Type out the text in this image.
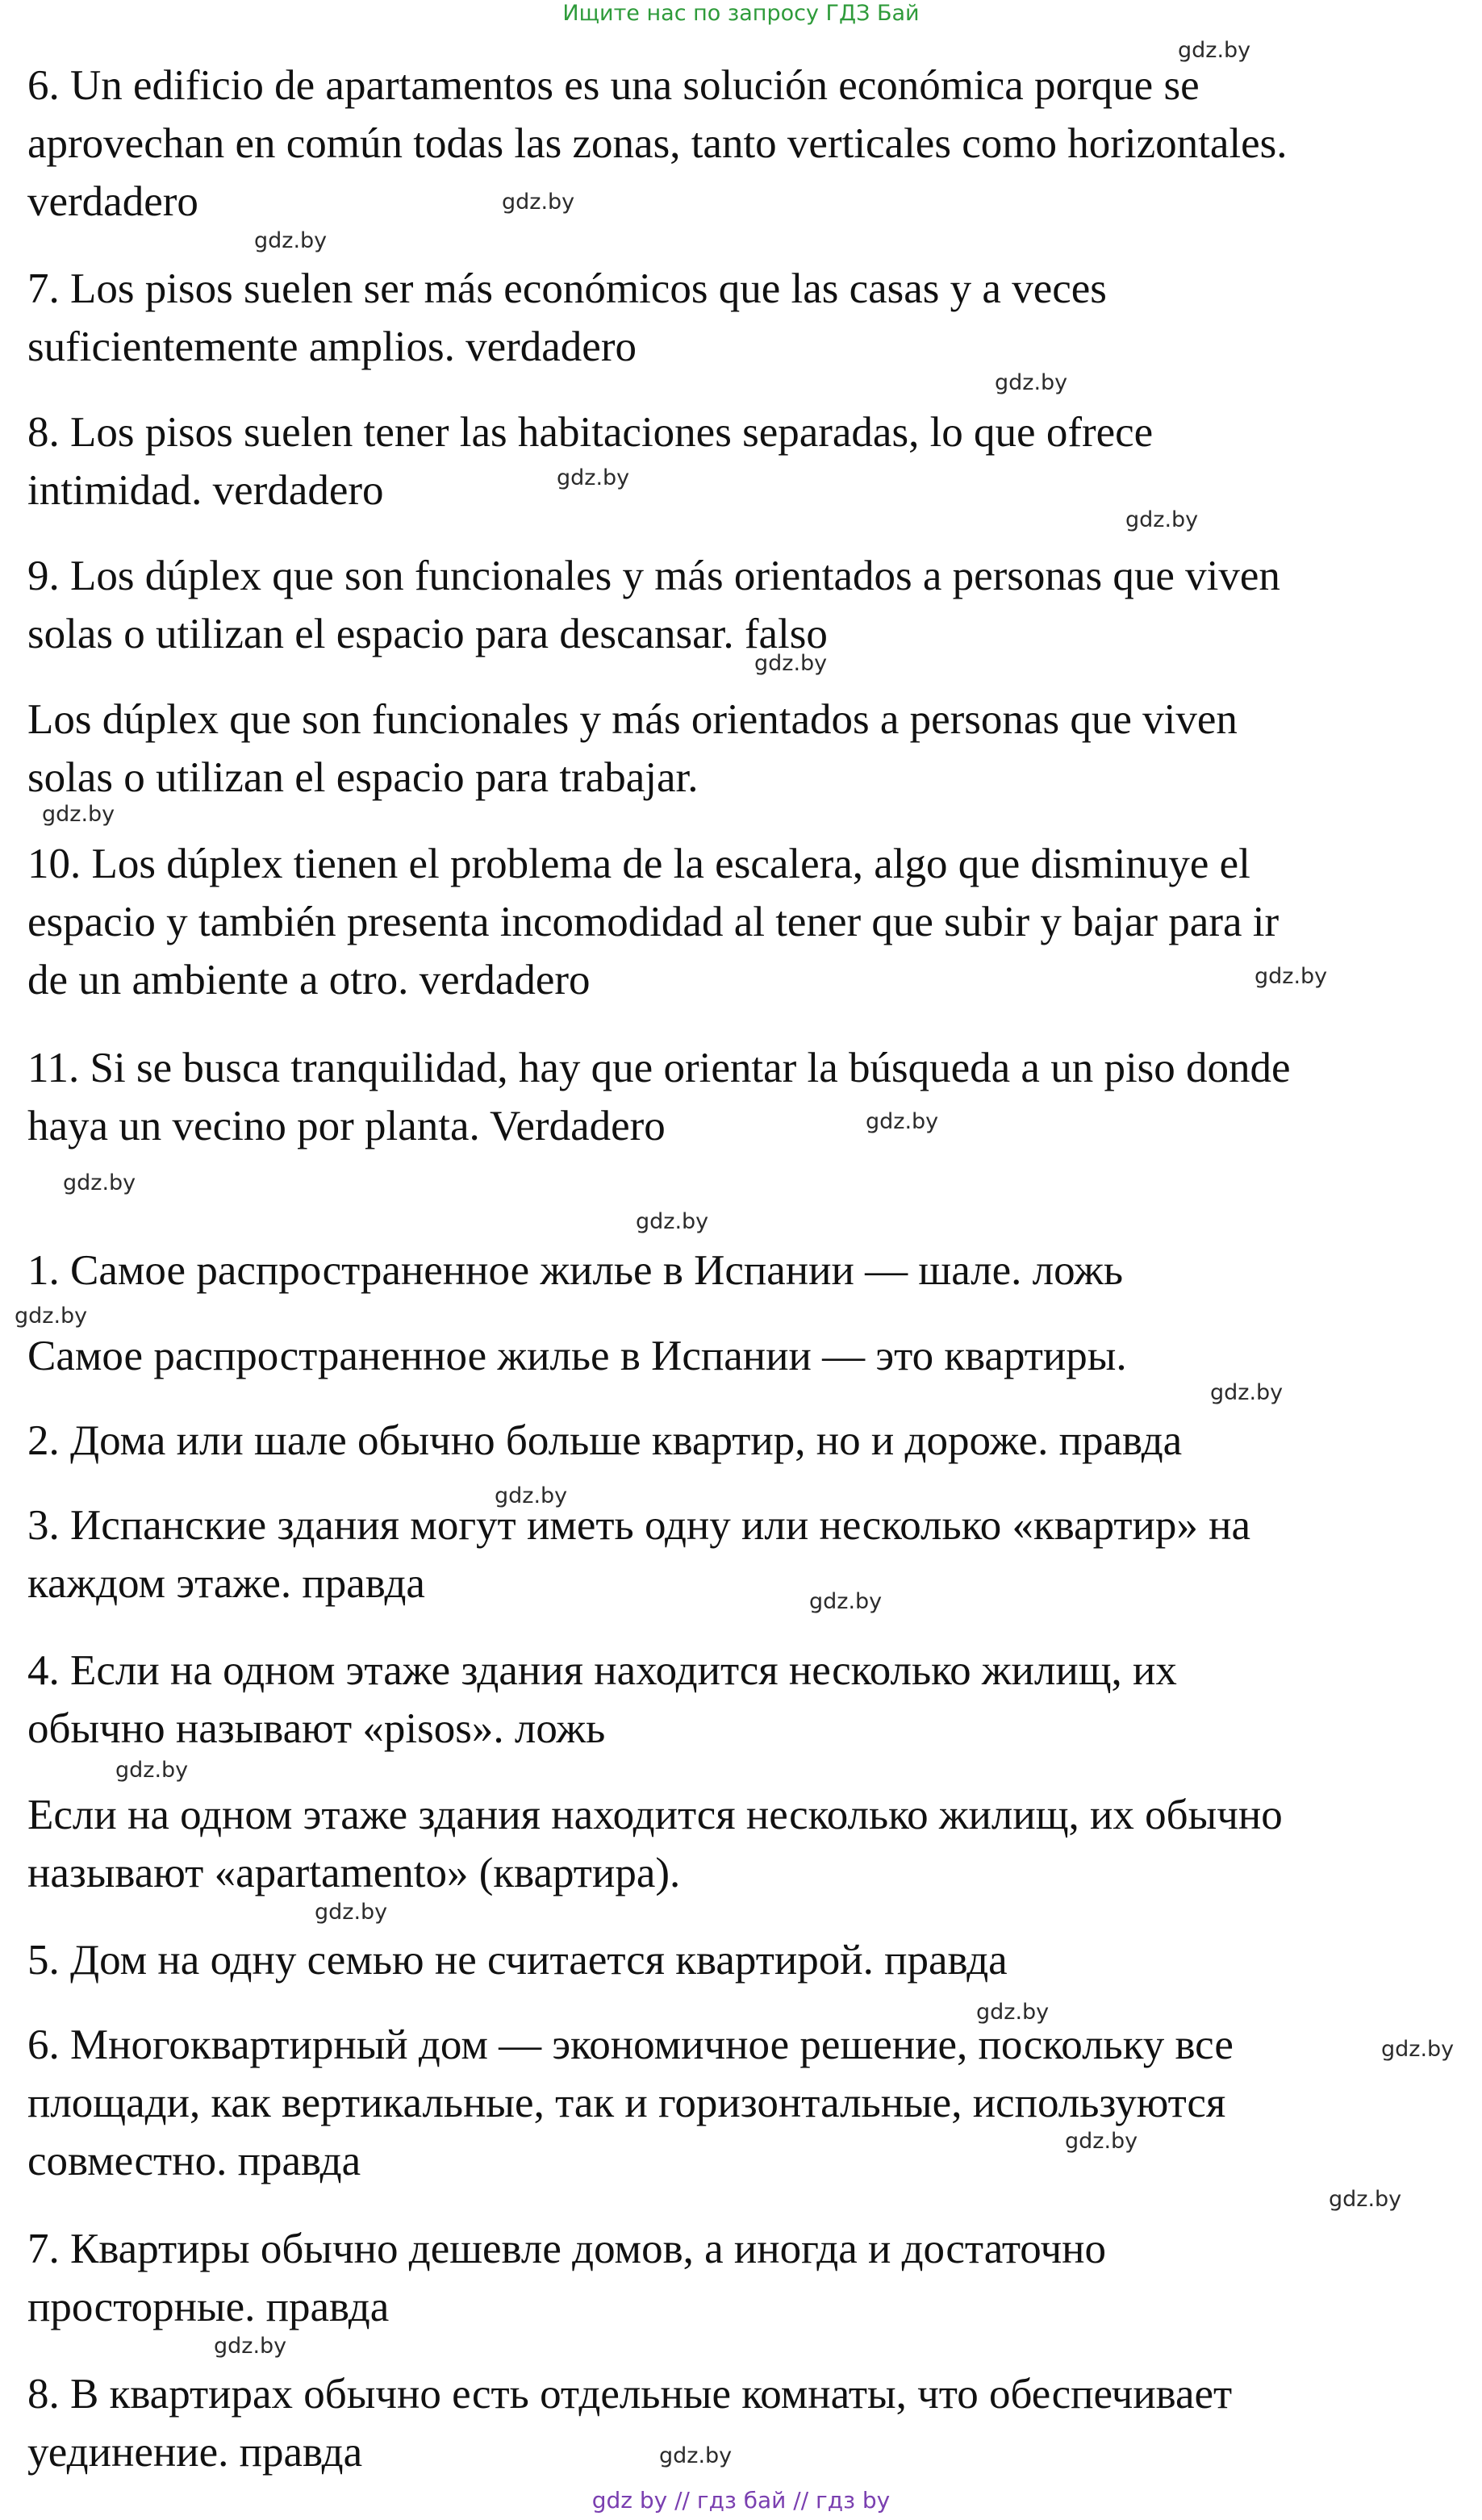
Ищите нас по запросу ГДЗ Бай

6. Un edificio de apartamentos es una solución económica porque se
aprovechan en común todas las zonas, tanto verticales como horizontales.
verdadero

7. Los pisos suelen ser más económicos que las casas y a veces
suficientemente amplios. verdadero

8. Los pisos suelen tener las habitaciones separadas, lo que ofrece
intimidad. verdadero

9. Los dúplex que son funcionales y más orientados a personas que viven
solas o utilizan el espacio para descansar. falso

Los dúplex que son funcionales y más orientados a personas que viven
solas o utilizan el espacio para trabajar.

10. Los dúplex tienen el problema de la escalera, algo que disminuye el
espacio y también presenta incomodidad al tener que subir y bajar para ir
de un ambiente a otro. verdadero

11. Si se busca tranquilidad, hay que orientar la búsqueda a un piso donde
haya un vecino por planta. Verdadero

1. Самое распространенное жилье в Испании — шале. ложь

Самое распространенное жилье в Испании — это квартиры.

2. Дома или шале обычно больше квартир, но и дороже. правда

3. Испанские здания могут иметь одну или несколько «квартир» на
каждом этаже. правда

4. Если на одном этаже здания находится несколько жилищ, их
обычно называют «pisos». ложь

Если на одном этаже здания находится несколько жилищ, их обычно
называют «apartamento» (квартира).

5. Дом на одну семью не считается квартирой. правда

6. Многоквартирный дом — экономичное решение, поскольку все
площади, как вертикальные, так и горизонтальные, используются
совместно. правда

7. Квартиры обычно дешевле домов, а иногда и достаточно
просторные. правда

8. В квартирах обычно есть отдельные комнаты, что обеспечивает
уединение. правда

gdz.by
gdz.by
gdz.by
gdz.by
gdz.by
gdz.by
gdz.by
gdz.by
gdz.by
gdz.by
gdz.by
gdz.by
gdz.by
gdz.by
gdz.by
gdz.by
gdz.by
gdz.by
gdz.by
gdz.by
gdz.by
gdz.by
gdz.by
gdz.by
gdz by // гдз бай // гдз by
